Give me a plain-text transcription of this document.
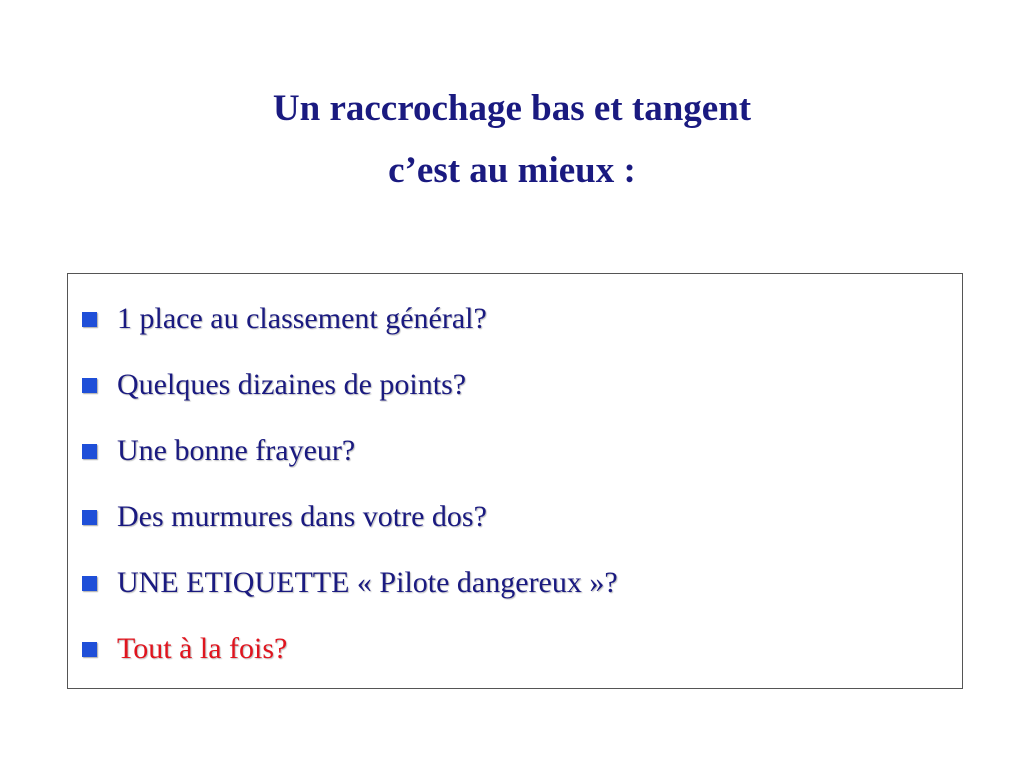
Un raccrochage bas et tangent
c’est au mieux :
1 place au classement général?
Quelques dizaines de points?
Une bonne frayeur?
Des murmures dans votre dos?
UNE ETIQUETTE « Pilote dangereux »?
Tout à la fois?
